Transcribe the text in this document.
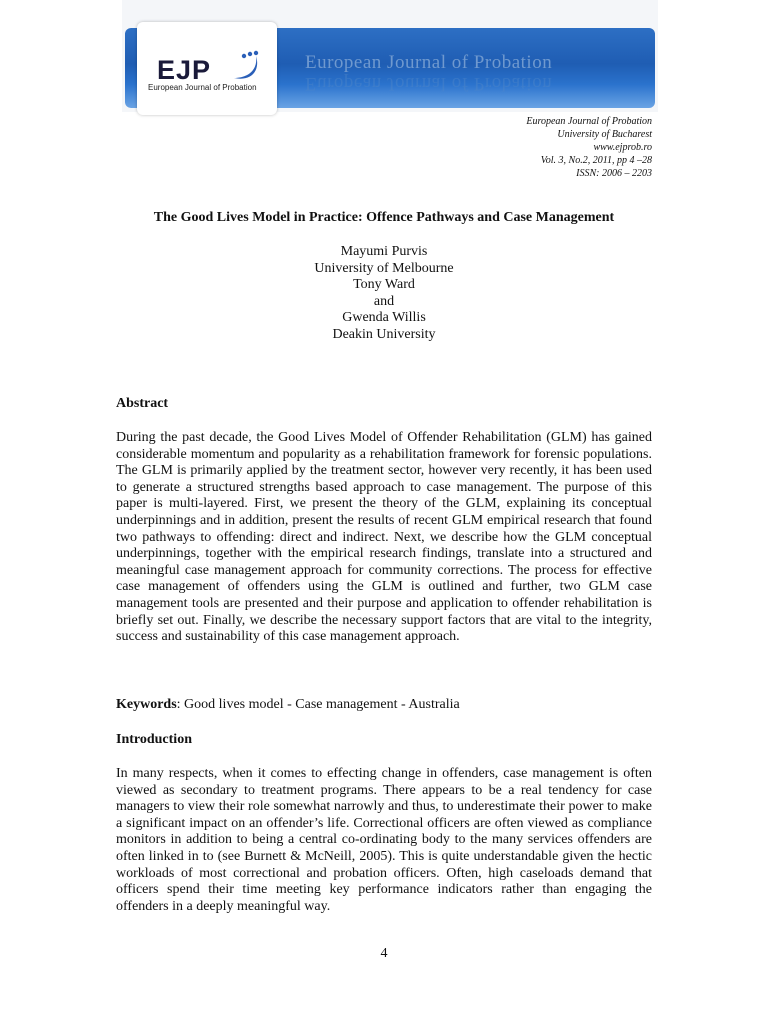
European Journal of Probation
European Journal of Probation
EJP
European Journal of Probation
European Journal of Probation
University of Bucharest
www.ejprob.ro
Vol. 3, No.2, 2011, pp 4 –28
ISSN: 2006 – 2203
The Good Lives Model in Practice: Offence Pathways and Case Management
Mayumi Purvis
University of Melbourne
Tony Ward
and
Gwenda Willis
Deakin University
Abstract
During the past decade, the Good Lives Model of Offender Rehabilitation (GLM) has gained considerable momentum and popularity as a rehabilitation framework for forensic populations. The GLM is primarily applied by the treatment sector, however very recently, it has been used to generate a structured strengths based approach to case management. The purpose of this paper is multi-layered. First, we present the theory of the GLM, explaining its conceptual underpinnings and in addition, present the results of recent GLM empirical research that found two pathways to offending: direct and indirect. Next, we describe how the GLM conceptual underpinnings, together with the empirical research findings, translate into a structured and meaningful case management approach for community corrections. The process for effective case management of offenders using the GLM is outlined and further, two GLM case management tools are presented and their purpose and application to offender rehabilitation is briefly set out. Finally, we describe the necessary support factors that are vital to the integrity, success and sustainability of this case management approach.
Keywords: Good lives model - Case management - Australia
Introduction
In many respects, when it comes to effecting change in offenders, case management is often viewed as secondary to treatment programs. There appears to be a real tendency for case managers to view their role somewhat narrowly and thus, to underestimate their power to make a significant impact on an offender’s life. Correctional officers are often viewed as compliance monitors in addition to being a central co-ordinating body to the many services offenders are often linked in to (see Burnett & McNeill, 2005). This is quite understandable given the hectic workloads of most correctional and probation officers. Often, high caseloads demand that officers spend their time meeting key performance indicators rather than engaging the offenders in a deeply meaningful way.
4
